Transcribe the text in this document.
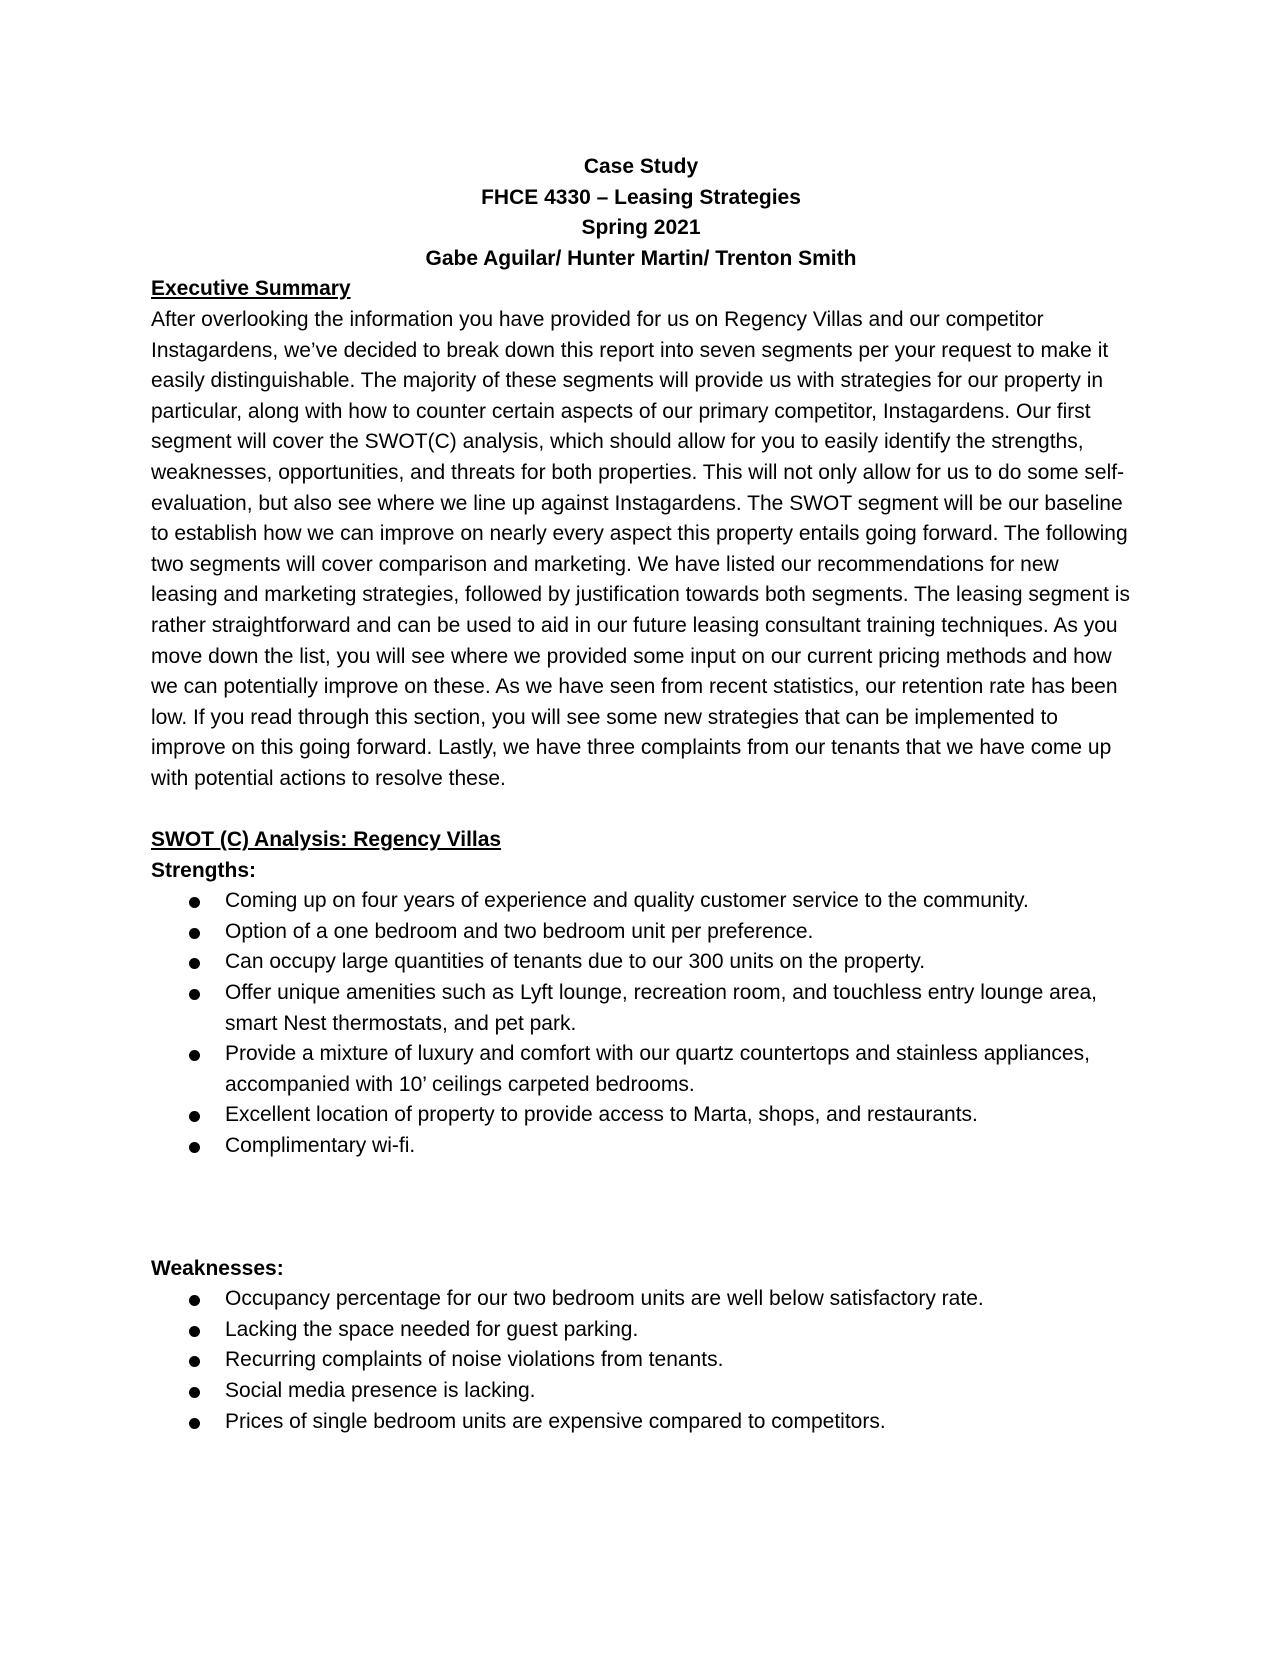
Case Study
FHCE 4330 – Leasing Strategies
Spring 2021
Gabe Aguilar/ Hunter Martin/ Trenton Smith

Executive Summary

After overlooking the information you have provided for us on Regency Villas and our competitor Instagardens, we’ve decided to break down this report into seven segments per your request to make it easily distinguishable. The majority of these segments will provide us with strategies for our property in particular, along with how to counter certain aspects of our primary competitor, Instagardens. Our first segment will cover the SWOT(C) analysis, which should allow for you to easily identify the strengths, weaknesses, opportunities, and threats for both properties. This will not only allow for us to do some self-evaluation, but also see where we line up against Instagardens. The SWOT segment will be our baseline to establish how we can improve on nearly every aspect this property entails going forward. The following two segments will cover comparison and marketing. We have listed our recommendations for new leasing and marketing strategies, followed by justification towards both segments. The leasing segment is rather straightforward and can be used to aid in our future leasing consultant training techniques. As you move down the list, you will see where we provided some input on our current pricing methods and how we can potentially improve on these. As we have seen from recent statistics, our retention rate has been low. If you read through this section, you will see some new strategies that can be implemented to improve on this going forward. Lastly, we have three complaints from our tenants that we have come up with potential actions to resolve these.

SWOT (C) Analysis: Regency Villas

Strengths:

Coming up on four years of experience and quality customer service to the community.
Option of a one bedroom and two bedroom unit per preference.
Can occupy large quantities of tenants due to our 300 units on the property.
Offer unique amenities such as Lyft lounge, recreation room, and touchless entry lounge area, smart Nest thermostats, and pet park.
Provide a mixture of luxury and comfort with our quartz countertops and stainless appliances, accompanied with 10’ ceilings carpeted bedrooms.
Excellent location of property to provide access to Marta, shops, and restaurants.
Complimentary wi-fi.

Weaknesses:

Occupancy percentage for our two bedroom units are well below satisfactory rate.
Lacking the space needed for guest parking.
Recurring complaints of noise violations from tenants.
Social media presence is lacking.
Prices of single bedroom units are expensive compared to competitors.
